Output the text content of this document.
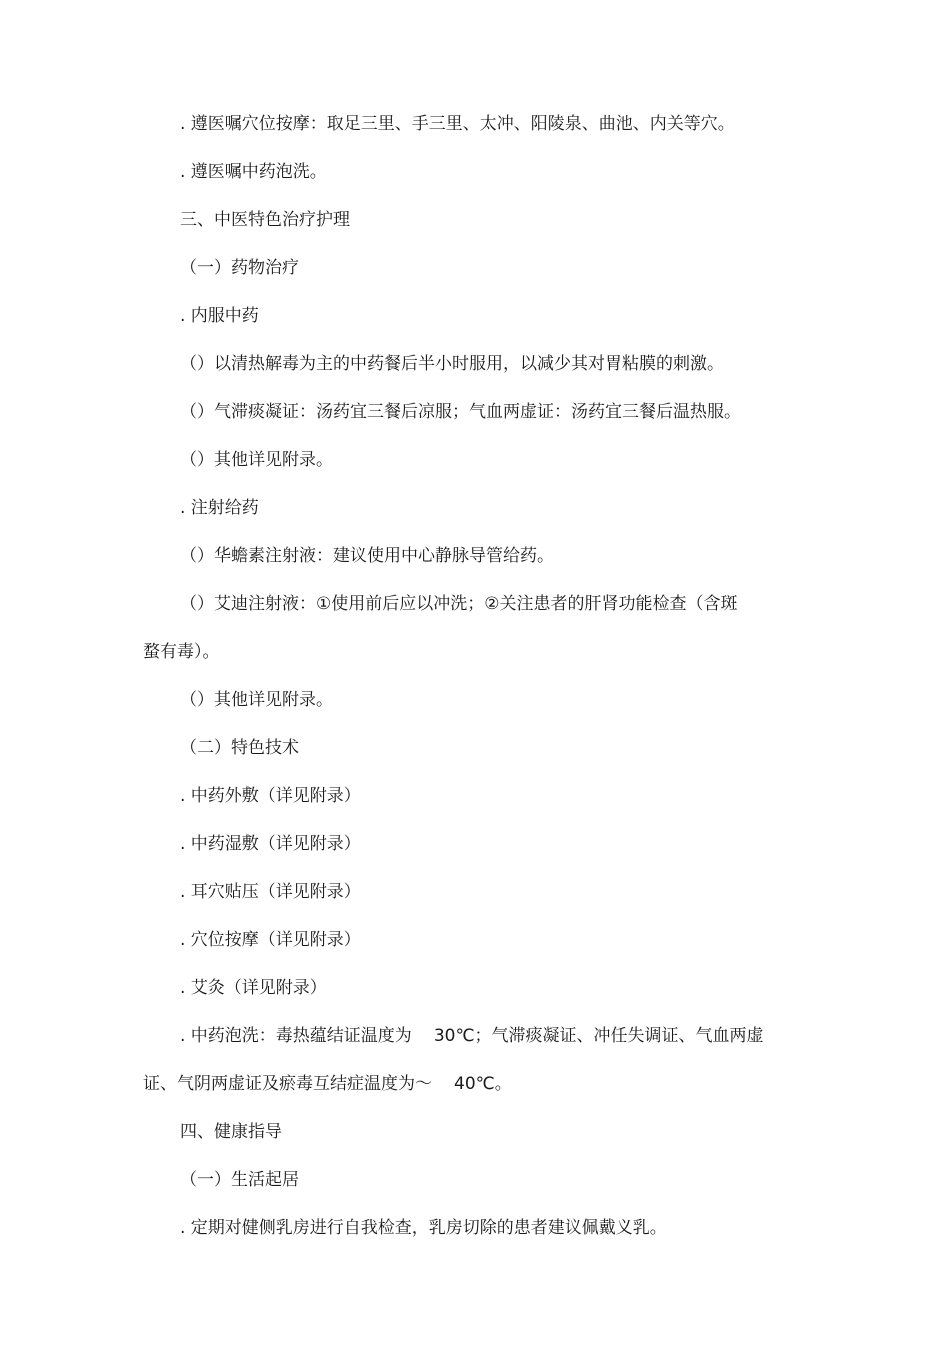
. 遵医嘱穴位按摩：取足三里、手三里、太冲、阳陵泉、曲池、内关等穴。
. 遵医嘱中药泡洗。
三、中医特色治疗护理
（一）药物治疗
. 内服中药
（）以清热解毒为主的中药餐后半小时服用，以减少其对胃粘膜的刺激。
（）气滞痰凝证：汤药宜三餐后凉服；气血两虚证：汤药宜三餐后温热服。
（）其他详见附录。
. 注射给药
（）华蟾素注射液：建议使用中心静脉导管给药。
（）艾迪注射液：①使用前后应以冲洗；②关注患者的肝肾功能检查（含斑
蝥有毒）。
（）其他详见附录。
（二）特色技术
. 中药外敷（详见附录）
. 中药湿敷（详见附录）
. 耳穴贴压（详见附录）
. 穴位按摩（详见附录）
. 艾灸（详见附录）
. 中药泡洗：毒热蕴结证温度为 30℃；气滞痰凝证、冲任失调证、气血两虚
证、气阴两虚证及瘀毒互结症温度为～ 40℃。
四、健康指导
（一）生活起居
. 定期对健侧乳房进行自我检查，乳房切除的患者建议佩戴义乳。
